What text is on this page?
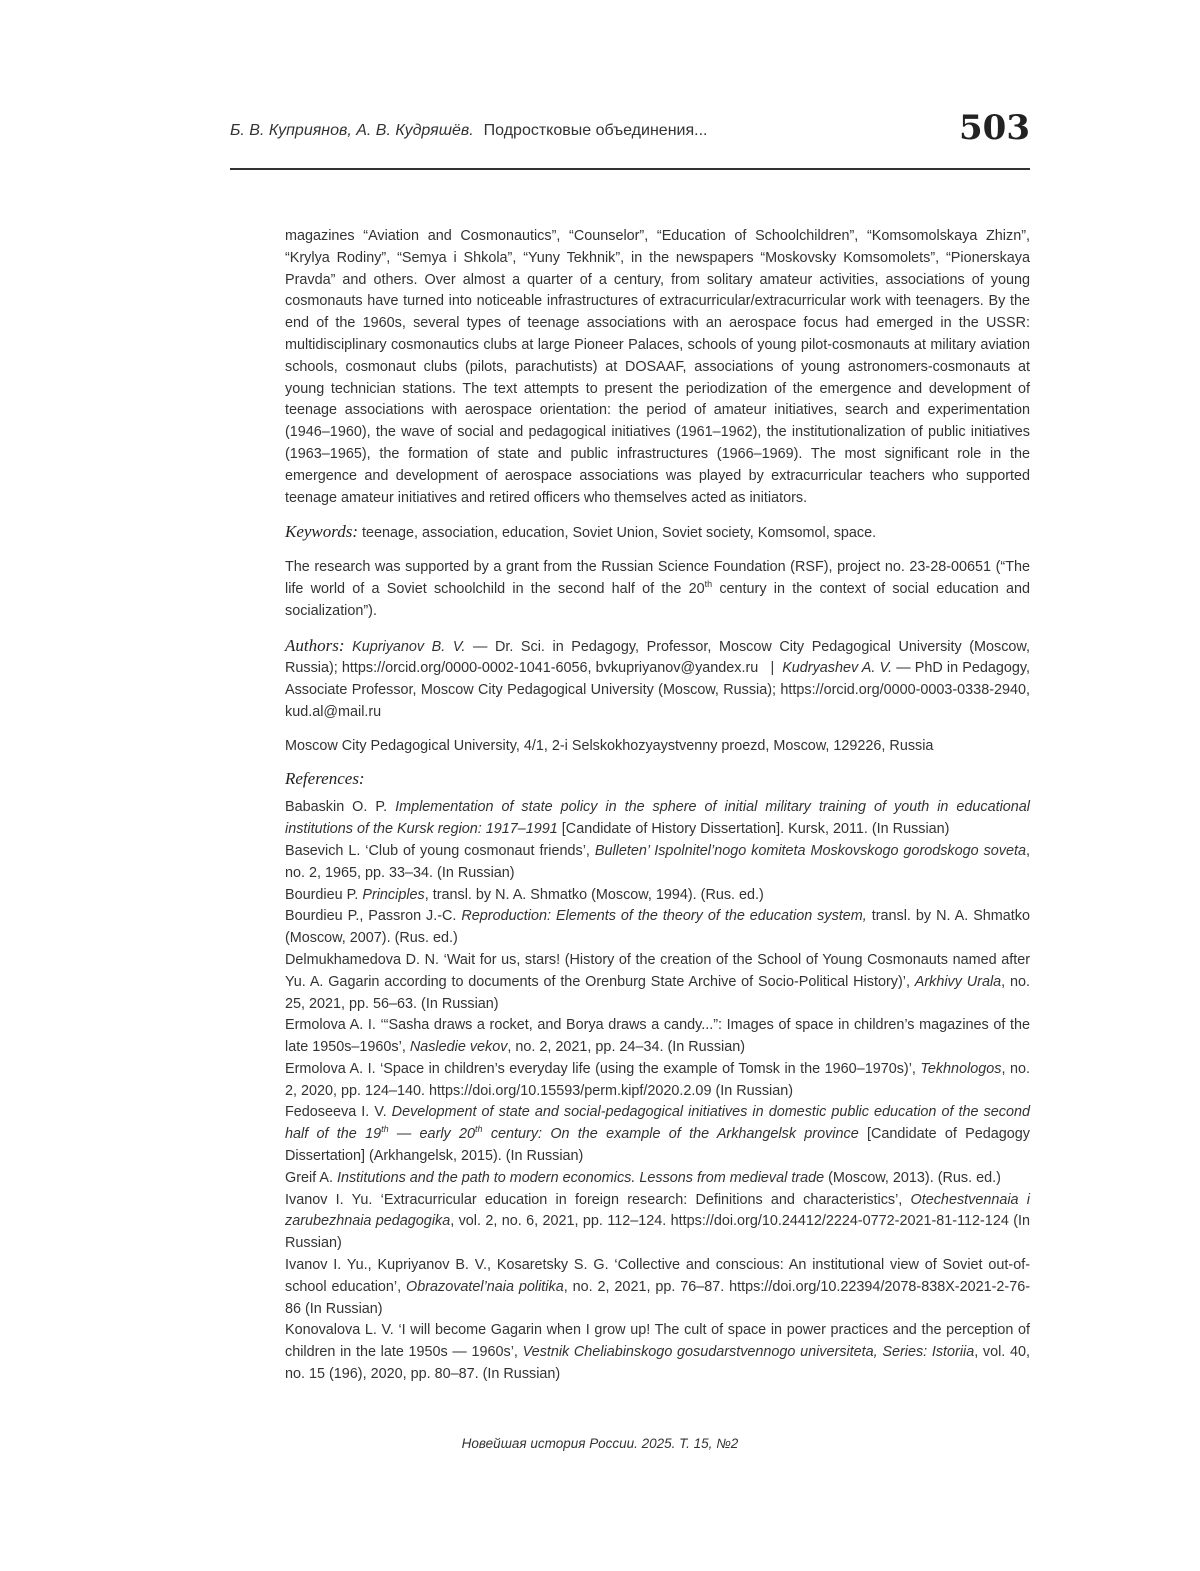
Б. В. Куприянов, А. В. Кудряшёв. Подростковые объединения...	503

magazines “Aviation and Cosmonautics”, “Counselor”, “Education of Schoolchildren”, “Komsomolskaya Zhizn”, “Krylya Rodiny”, “Semya i Shkola”, “Yuny Tekhnik”, in the newspapers “Moskovsky Komsomolets”, “Pionerskaya Pravda” and others. Over almost a quarter of a century, from solitary amateur activities, associations of young cosmonauts have turned into noticeable infrastructures of extracurricular/extracurricular work with teenagers. By the end of the 1960s, several types of teenage associations with an aerospace focus had emerged in the USSR: multidisciplinary cosmonautics clubs at large Pioneer Palaces, schools of young pilot-cosmonauts at military aviation schools, cosmonaut clubs (pilots, parachutists) at DOSAAF, associations of young astronomers-cosmonauts at young technician stations. The text attempts to present the periodization of the emergence and development of teenage associations with aerospace orientation: the period of amateur initiatives, search and experimentation (1946–1960), the wave of social and pedagogical initiatives (1961–1962), the institutionalization of public initiatives (1963–1965), the formation of state and public infrastructures (1966–1969). The most significant role in the emergence and development of aerospace associations was played by extracurricular teachers who supported teenage amateur initiatives and retired officers who themselves acted as initiators.

Keywords: teenage, association, education, Soviet Union, Soviet society, Komsomol, space.

The research was supported by a grant from the Russian Science Foundation (RSF), project no. 23-28-00651 (“The life world of a Soviet schoolchild in the second half of the 20th century in the context of social education and socialization”).

Authors: Kupriyanov B. V. — Dr. Sci. in Pedagogy, Professor, Moscow City Pedagogical University (Moscow, Russia); https://orcid.org/0000-0002-1041-6056, bvkupriyanov@yandex.ru | Kudryashev A. V. — PhD in Pedagogy, Associate Professor, Moscow City Pedagogical University (Moscow, Russia); https://orcid.org/0000-0003-0338-2940, kud.al@mail.ru

Moscow City Pedagogical University, 4/1, 2-i Selskokhozyaystvenny proezd, Moscow, 129226, Russia

References:

Babaskin O. P. Implementation of state policy in the sphere of initial military training of youth in educational institutions of the Kursk region: 1917–1991 [Candidate of History Dissertation]. Kursk, 2011. (In Russian)

Basevich L. ‘Club of young cosmonaut friends’, Bulleten’ Ispolnitel’nogo komiteta Moskovskogo gorodskogo soveta, no. 2, 1965, pp. 33–34. (In Russian)

Bourdieu P. Principles, transl. by N. A. Shmatko (Moscow, 1994). (Rus. ed.)

Bourdieu P., Passron J.-C. Reproduction: Elements of the theory of the education system, transl. by N. A. Shmatko (Moscow, 2007). (Rus. ed.)

Delmukhamedova D. N. ‘Wait for us, stars! (History of the creation of the School of Young Cosmonauts named after Yu. A. Gagarin according to documents of the Orenburg State Archive of Socio-Political History)’, Arkhivy Urala, no. 25, 2021, pp. 56–63. (In Russian)

Ermolova A. I. ‘“Sasha draws a rocket, and Borya draws a candy...”: Images of space in children’s magazines of the late 1950s–1960s’, Nasledie vekov, no. 2, 2021, pp. 24–34. (In Russian)

Ermolova A. I. ‘Space in children’s everyday life (using the example of Tomsk in the 1960–1970s)’, Tekhnologos, no. 2, 2020, pp. 124–140. https://doi.org/10.15593/perm.kipf/2020.2.09 (In Russian)

Fedoseeva I. V. Development of state and social-pedagogical initiatives in domestic public education of the second half of the 19th — early 20th century: On the example of the Arkhangelsk province [Candidate of Pedagogy Dissertation] (Arkhangelsk, 2015). (In Russian)

Greif A. Institutions and the path to modern economics. Lessons from medieval trade (Moscow, 2013). (Rus. ed.)

Ivanov I. Yu. ‘Extracurricular education in foreign research: Definitions and characteristics’, Otechestvennaia i zarubezhnaia pedagogika, vol. 2, no. 6, 2021, pp. 112–124. https://doi.org/10.24412/2224-0772-2021-81-112-124 (In Russian)

Ivanov I. Yu., Kupriyanov B. V., Kosaretsky S. G. ‘Collective and conscious: An institutional view of Soviet out-of-school education’, Obrazovatel’naia politika, no. 2, 2021, pp. 76–87. https://doi.org/10.22394/2078-838X-2021-2-76-86 (In Russian)

Konovalova L. V. ‘I will become Gagarin when I grow up! The cult of space in power practices and the perception of children in the late 1950s — 1960s’, Vestnik Cheliabinskogo gosudarstvennogo universiteta, Series: Istoriia, vol. 40, no. 15 (196), 2020, pp. 80–87. (In Russian)

Новейшая история России. 2025. Т. 15, №2
